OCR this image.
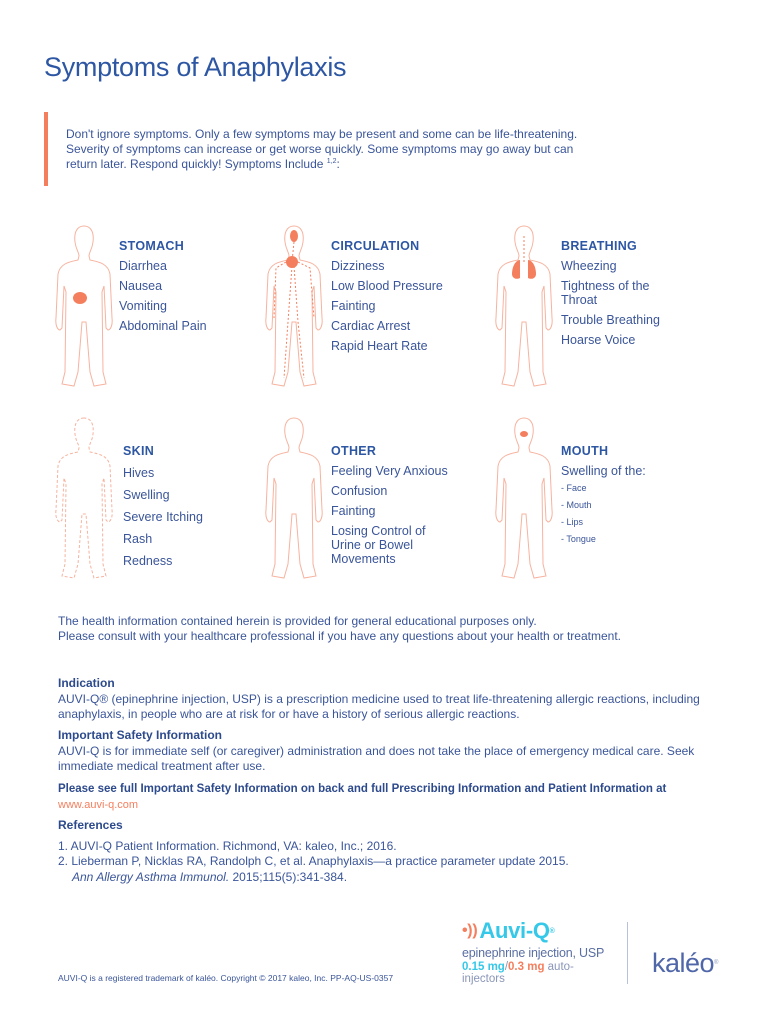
Symptoms of Anaphylaxis

Don't ignore symptoms. Only a few symptoms may be present and some can be life-threatening. Severity of symptoms can increase or get worse quickly. Some symptoms may go away but can return later. Respond quickly! Symptoms Include $^{1,2}$:

STOMACH
Diarrhea
Nausea
Vomiting
Abdominal Pain
CIRCULATION
Dizziness
Low Blood Pressure
Fainting
Cardiac Arrest
Rapid Heart Rate
BREATHING
Wheezing
Tightness of the Throat
Trouble Breathing
Hoarse Voice
SKIN
Hives
Swelling
Severe Itching
Rash
Redness
OTHER
Feeling Very Anxious
Confusion
Fainting
Losing Control of Urine or Bowel Movements
MOUTH
Swelling of the:
- Face
- Mouth
- Lips
- Tongue
The health information contained herein is provided for general educational purposes only.
Please consult with your healthcare professional if you have any questions about your health or treatment.
Indication

AUVI-Q® (epinephrine injection, USP) is a prescription medicine used to treat life-threatening allergic reactions, including anaphylaxis, in people who are at risk for or have a history of serious allergic reactions.

Important Safety Information

AUVI-Q is for immediate self (or caregiver) administration and does not take the place of emergency medical care. Seek immediate medical treatment after use.

Please see full Important Safety Information on back and full Prescribing Information and Patient Information at

www.auvi-q.com
References
1. AUVI-Q Patient Information. Richmond, VA: kaleo, Inc.; 2016.
2. Lieberman P, Nicklas RA, Randolph C, et al. Anaphylaxis—a practice parameter update 2015.
Ann Allergy Asthma Immunol. 2015;115(5):341-384.
AUVI-Q is a registered trademark of kaléo. Copyright © 2017 kaleo, Inc. PP-AQ-US-0357
•)) Auvi-Q ®
epinephrine injection, USP
0.15 mg/0.3 mg auto-injectors
kaléo®
